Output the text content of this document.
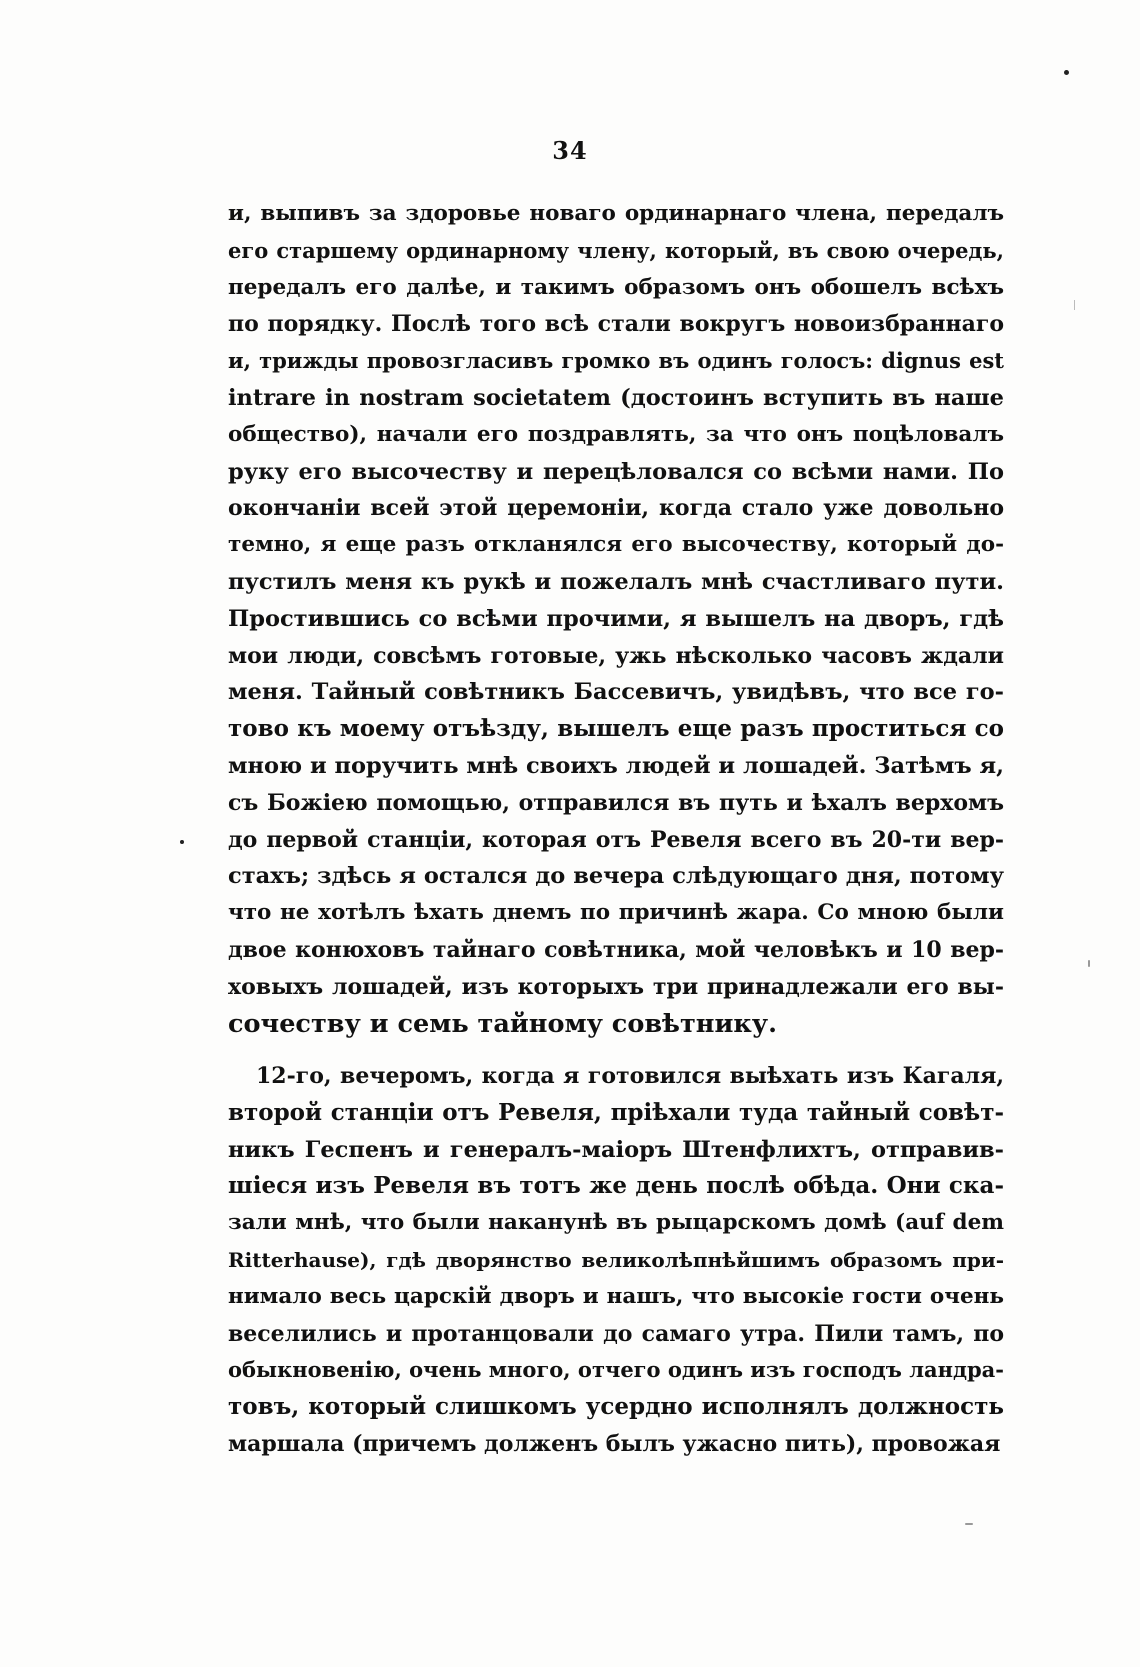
34
и, выпивъ за здоровье новаго ординарнаго члена, передалъ
его старшему ординарному члену, который, въ свою очередь,
передалъ его далѣе, и такимъ образомъ онъ обошелъ всѣхъ
по порядку. Послѣ того всѣ стали вокругъ новоизбраннаго
и, трижды провозгласивъ громко въ одинъ голосъ: dignus est
intrare in nostram societatem (достоинъ вступить въ наше
общество), начали его поздравлять, за что онъ поцѣловалъ
руку его высочеству и перецѣловался со всѣми нами. По
окончаніи всей этой церемоніи, когда стало уже довольно
темно, я еще разъ откланялся его высочеству, который до-
пустилъ меня къ рукѣ и пожелалъ мнѣ счастливаго пути.
Простившись со всѣми прочими, я вышелъ на дворъ, гдѣ
мои люди, совсѣмъ готовые, ужь нѣсколько часовъ ждали
меня. Тайный совѣтникъ Бассевичъ, увидѣвъ, что все го-
тово къ моему отъѣзду, вышелъ еще разъ проститься со
мною и поручить мнѣ своихъ людей и лошадей. Затѣмъ я,
съ Божіею помощью, отправился въ путь и ѣхалъ верхомъ
до первой станціи, которая отъ Ревеля всего въ 20-ти вер-
стахъ; здѣсь я остался до вечера слѣдующаго дня, потому
что не хотѣлъ ѣхать днемъ по причинѣ жара. Со мною были
двое конюховъ тайнаго совѣтника, мой человѣкъ и 10 вер-
ховыхъ лошадей, изъ которыхъ три принадлежали его вы-
сочеству и семь тайному совѣтнику.
12-го, вечеромъ, когда я готовился выѣхать изъ Кагаля,
второй станціи отъ Ревеля, пріѣхали туда тайный совѣт-
никъ Геспенъ и генералъ-маіоръ Штенфлихтъ, отправив-
шіеся изъ Ревеля въ тотъ же день послѣ обѣда. Они ска-
зали мнѣ, что были наканунѣ въ рыцарскомъ домѣ (auf dem
Ritterhause), гдѣ дворянство великолѣпнѣйшимъ образомъ при-
нимало весь царскій дворъ и нашъ, что высокіе гости очень
веселились и протанцовали до самаго утра. Пили тамъ, по
обыкновенію, очень много, отчего одинъ изъ господъ ландра-
товъ, который слишкомъ усердно исполнялъ должность
маршала (причемъ долженъ былъ ужасно пить), провожая
